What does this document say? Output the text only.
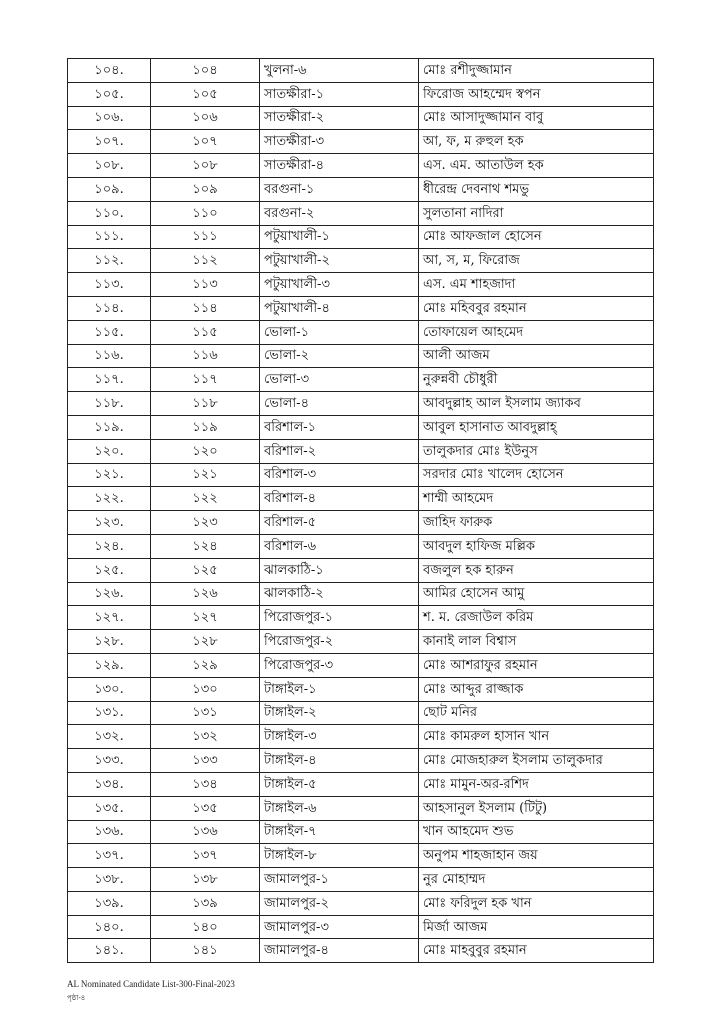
১০৪.	১০৪	খুলনা-৬	মোঃ রশীদুজ্জামান
১০৫.	১০৫	সাতক্ষীরা-১	ফিরোজ আহম্মেদ স্বপন
১০৬.	১০৬	সাতক্ষীরা-২	মোঃ আসাদুজ্জামান বাবু
১০৭.	১০৭	সাতক্ষীরা-৩	আ, ফ, ম রুহুল হক
১০৮.	১০৮	সাতক্ষীরা-৪	এস. এম. আতাউল হক
১০৯.	১০৯	বরগুনা-১	ধীরেন্দ্র দেবনাথ শমভু
১১০.	১১০	বরগুনা-২	সুলতানা নাদিরা
১১১.	১১১	পটুয়াখালী-১	মোঃ আফজাল হোসেন
১১২.	১১২	পটুয়াখালী-২	আ, স, ম, ফিরোজ
১১৩.	১১৩	পটুয়াখালী-৩	এস. এম শাহজাদা
১১৪.	১১৪	পটুয়াখালী-৪	মোঃ মহিববুর রহমান
১১৫.	১১৫	ভোলা-১	তোফায়েল আহমেদ
১১৬.	১১৬	ভোলা-২	আলী আজম
১১৭.	১১৭	ভোলা-৩	নুরুন্নবী চৌধুরী
১১৮.	১১৮	ভোলা-৪	আবদুল্লাহ আল ইসলাম জ্যাকব
১১৯.	১১৯	বরিশাল-১	আবুল হাসানাত আবদুল্লাহ্
১২০.	১২০	বরিশাল-২	তালুকদার মোঃ ইউনুস
১২১.	১২১	বরিশাল-৩	সরদার মোঃ খালেদ হোসেন
১২২.	১২২	বরিশাল-৪	শাম্মী আহমেদ
১২৩.	১২৩	বরিশাল-৫	জাহিদ ফারুক
১২৪.	১২৪	বরিশাল-৬	আবদুল হাফিজ মল্লিক
১২৫.	১২৫	ঝালকাঠি-১	বজলুল হক হারুন
১২৬.	১২৬	ঝালকাঠি-২	আমির হোসেন আমু
১২৭.	১২৭	পিরোজপুর-১	শ. ম. রেজাউল করিম
১২৮.	১২৮	পিরোজপুর-২	কানাই লাল বিশ্বাস
১২৯.	১২৯	পিরোজপুর-৩	মোঃ আশরাফুর রহমান
১৩০.	১৩০	টাঙ্গাইল-১	মোঃ আব্দুর রাজ্জাক
১৩১.	১৩১	টাঙ্গাইল-২	ছোট মনির
১৩২.	১৩২	টাঙ্গাইল-৩	মোঃ কামরুল হাসান খান
১৩৩.	১৩৩	টাঙ্গাইল-৪	মোঃ মোজহারুল ইসলাম তালুকদার
১৩৪.	১৩৪	টাঙ্গাইল-৫	মোঃ মামুন-অর-রশিদ
১৩৫.	১৩৫	টাঙ্গাইল-৬	আহসানুল ইসলাম (টিটু)
১৩৬.	১৩৬	টাঙ্গাইল-৭	খান আহমেদ শুভ
১৩৭.	১৩৭	টাঙ্গাইল-৮	অনুপম শাহজাহান জয়
১৩৮.	১৩৮	জামালপুর-১	নুর মোহাম্মদ
১৩৯.	১৩৯	জামালপুর-২	মোঃ ফরিদুল হক খান
১৪০.	১৪০	জামালপুর-৩	মির্জা আজম
১৪১.	১৪১	জামালপুর-৪	মোঃ মাহবুবুর রহমান
AL Nominated Candidate List-300-Final-2023
পৃষ্ঠা-৪
